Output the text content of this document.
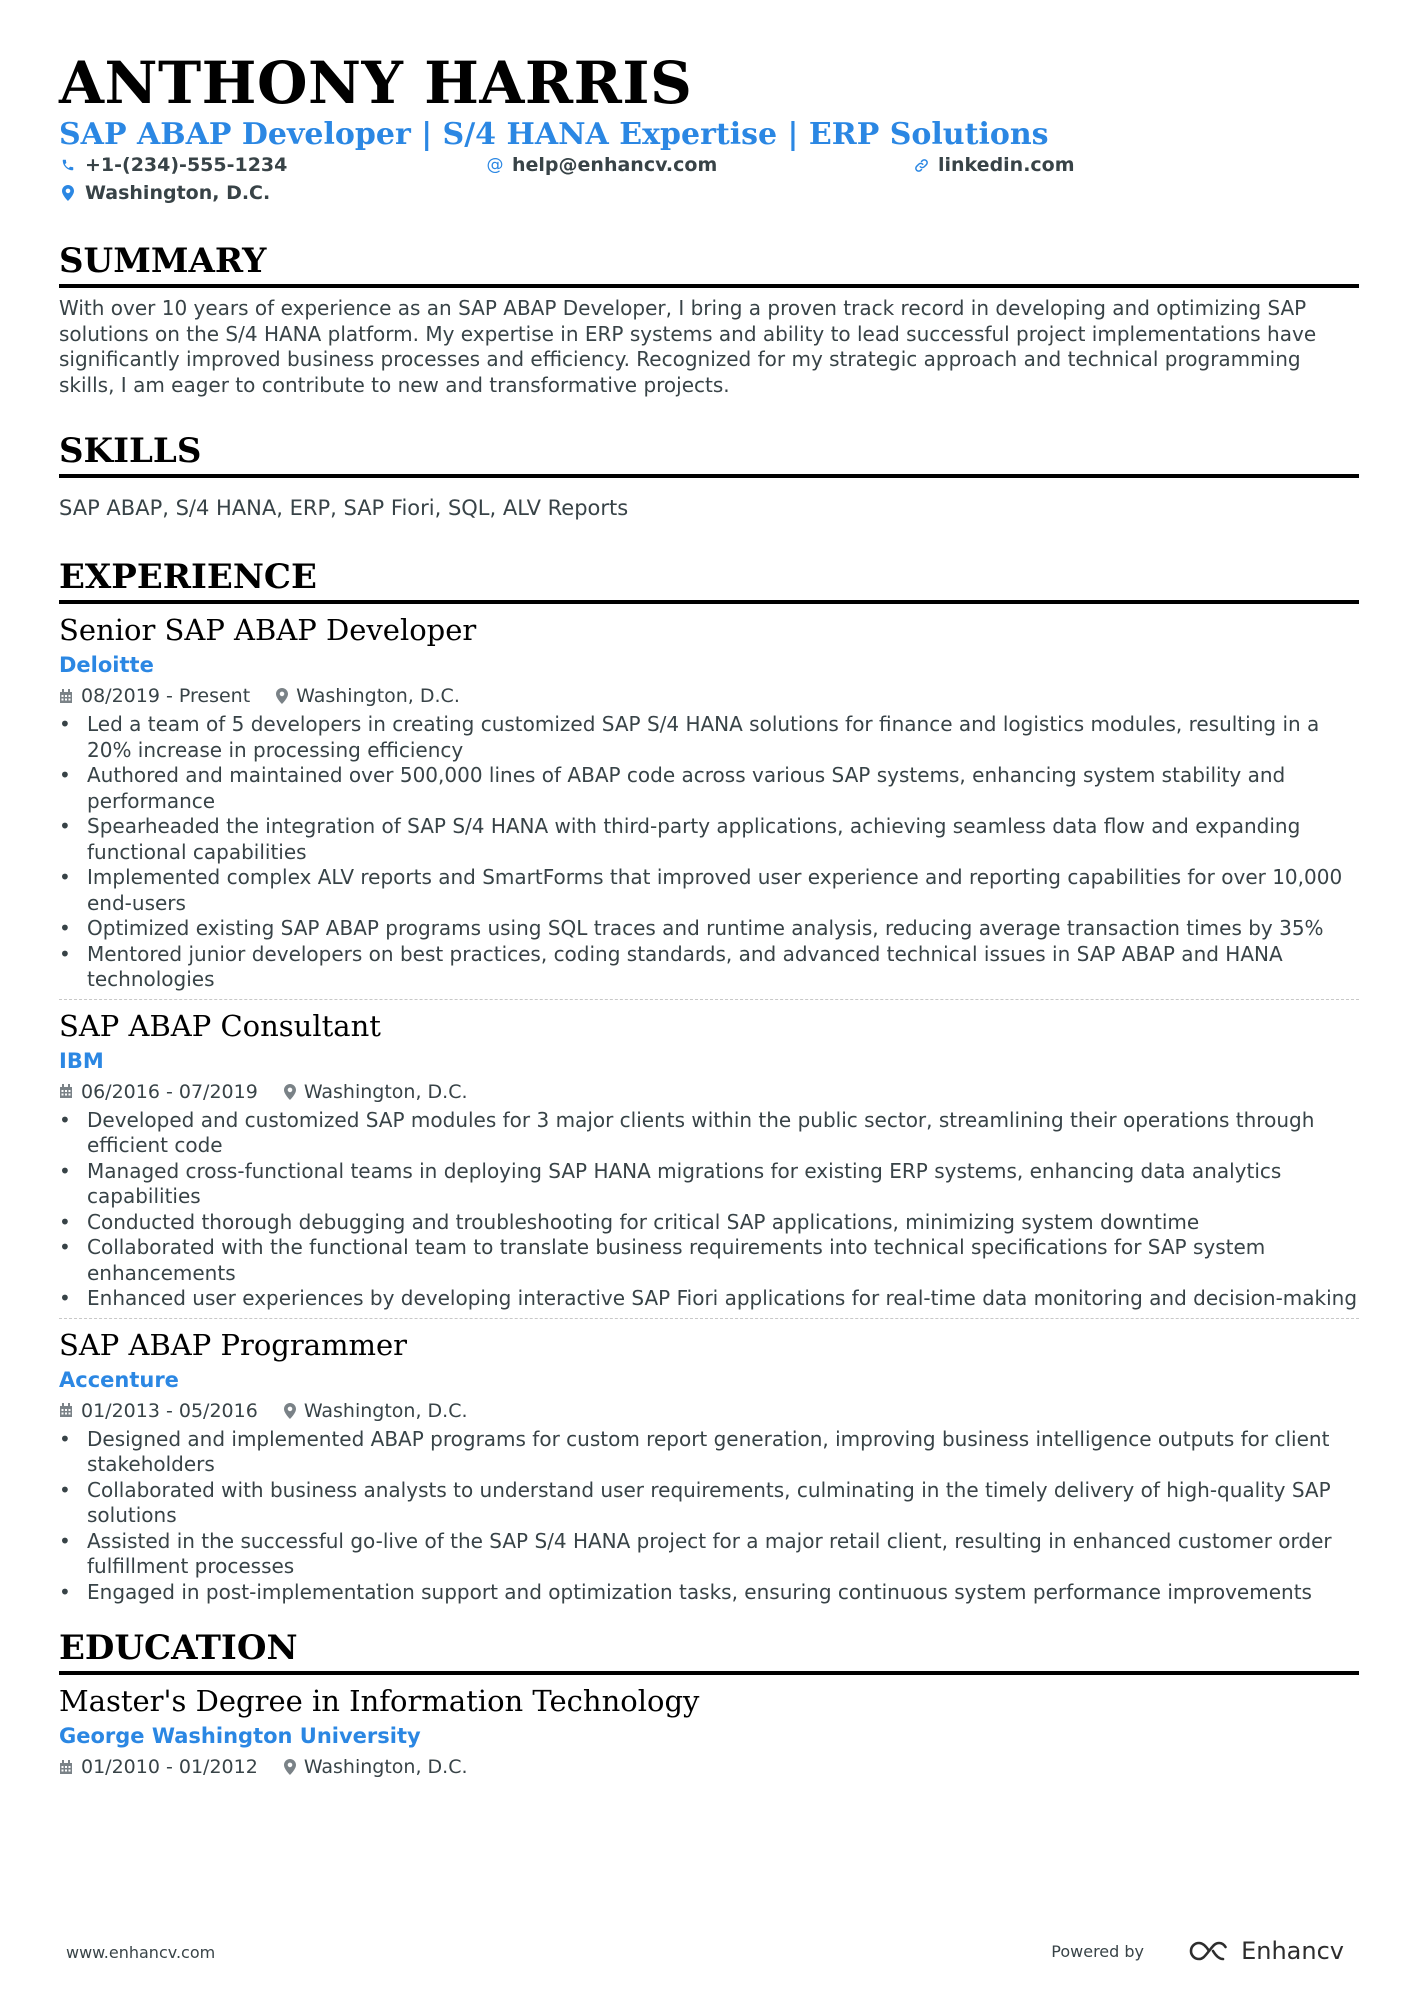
ANTHONY HARRIS
SAP ABAP Developer | S/4 HANA Expertise | ERP Solutions
+1-(234)-555-1234	@ help@enhancv.com	linkedin.com
Washington, D.C.
SUMMARY
With over 10 years of experience as an SAP ABAP Developer, I bring a proven track record in developing and optimizing SAP solutions on the S/4 HANA platform. My expertise in ERP systems and ability to lead successful project implementations have significantly improved business processes and efficiency. Recognized for my strategic approach and technical programming skills, I am eager to contribute to new and transformative projects.
SKILLS
SAP ABAP, S/4 HANA, ERP, SAP Fiori, SQL, ALV Reports
EXPERIENCE
Senior SAP ABAP Developer
Deloitte
08/2019 - Present Washington, D.C.
• Led a team of 5 developers in creating customized SAP S/4 HANA solutions for finance and logistics modules, resulting in a 20% increase in processing efficiency
• Authored and maintained over 500,000 lines of ABAP code across various SAP systems, enhancing system stability and performance
• Spearheaded the integration of SAP S/4 HANA with third-party applications, achieving seamless data flow and expanding functional capabilities
• Implemented complex ALV reports and SmartForms that improved user experience and reporting capabilities for over 10,000 end-users
• Optimized existing SAP ABAP programs using SQL traces and runtime analysis, reducing average transaction times by 35%
• Mentored junior developers on best practices, coding standards, and advanced technical issues in SAP ABAP and HANA technologies
SAP ABAP Consultant
IBM
06/2016 - 07/2019 Washington, D.C.
• Developed and customized SAP modules for 3 major clients within the public sector, streamlining their operations through efficient code
• Managed cross-functional teams in deploying SAP HANA migrations for existing ERP systems, enhancing data analytics capabilities
• Conducted thorough debugging and troubleshooting for critical SAP applications, minimizing system downtime
• Collaborated with the functional team to translate business requirements into technical specifications for SAP system enhancements
• Enhanced user experiences by developing interactive SAP Fiori applications for real-time data monitoring and decision-making
SAP ABAP Programmer
Accenture
01/2013 - 05/2016 Washington, D.C.
• Designed and implemented ABAP programs for custom report generation, improving business intelligence outputs for client stakeholders
• Collaborated with business analysts to understand user requirements, culminating in the timely delivery of high-quality SAP solutions
• Assisted in the successful go-live of the SAP S/4 HANA project for a major retail client, resulting in enhanced customer order fulfillment processes
• Engaged in post-implementation support and optimization tasks, ensuring continuous system performance improvements
EDUCATION
Master's Degree in Information Technology
George Washington University
01/2010 - 01/2012 Washington, D.C.
www.enhancv.com	Powered by	Enhancv
